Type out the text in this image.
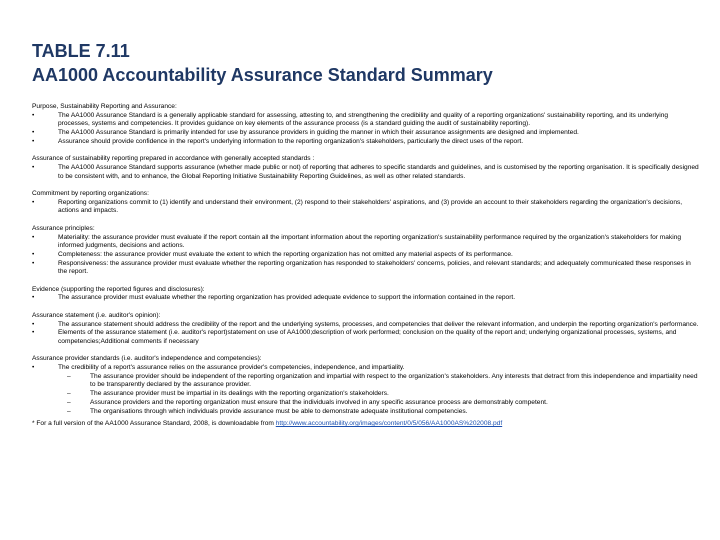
TABLE 7.11
AA1000 Accountability Assurance Standard Summary
Purpose, Sustainability Reporting and Assurance:
• The AA1000 Assurance Standard is a generally applicable standard for assessing, attesting to, and strengthening the credibility and quality of a reporting organizations' sustainability reporting, and its underlying processes, systems and competencies. It provides guidance on key elements of the assurance process (is a standard guiding the audit of sustainability reporting).
• The AA1000 Assurance Standard is primarily intended for use by assurance providers in guiding the manner in which their assurance assignments are designed and implemented.
• Assurance should provide confidence in the report's underlying information to the reporting organization's stakeholders, particularly the direct uses of the report.
Assurance of sustainability reporting prepared in accordance with generally accepted standards :
• The AA1000 Assurance Standard supports assurance (whether made public or not) of reporting that adheres to specific standards and guidelines, and is customised by the reporting organisation. It is specifically designed to be consistent with, and to enhance, the Global Reporting Initiative Sustainability Reporting Guidelines, as well as other related standards.
Commitment by reporting organizations:
• Reporting organizations commit to (1) identify and understand their environment, (2) respond to their stakeholders' aspirations, and (3) provide an account to their stakeholders regarding the organization's decisions, actions and impacts.
Assurance principles:
• Materiality: the assurance provider must evaluate if the report contain all the important information about the reporting organization's sustainability performance required by the organization's stakeholders for making informed judgments, decisions and actions.
• Completeness: the assurance provider must evaluate the extent to which the reporting organization has not omitted any material aspects of its performance.
• Responsiveness: the assurance provider must evaluate whether the reporting organization has responded to stakeholders' concerns, policies, and relevant standards; and adequately communicated these responses in the report.
Evidence (supporting the reported figures and disclosures):
• The assurance provider must evaluate whether the reporting organization has provided adequate evidence to support the information contained in the report.
Assurance statement (i.e. auditor's opinion):
• The assurance statement should address the credibility of the report and the underlying systems, processes, and competencies that deliver the relevant information, and underpin the reporting organization's performance.
• Elements of the assurance statement (i.e. auditor's report)statement on use of AA1000;description of work performed; conclusion on the quality of the report and; underlying organizational processes, systems, and competencies;Additional comments if necessary
Assurance provider standards (i.e. auditor's independence and competencies):
• The credibility of a report's assurance relies on the assurance provider's competencies, independence, and impartiality.
– The assurance provider should be independent of the reporting organization and impartial with respect to the organization's stakeholders. Any interests that detract from this independence and impartiality need to be transparently declared by the assurance provider.
– The assurance provider must be impartial in its dealings with the reporting organization's stakeholders.
– Assurance providers and the reporting organization must ensure that the individuals involved in any specific assurance process are demonstrably competent.
– The organisations through which individuals provide assurance must be able to demonstrate adequate institutional competencies.
* For a full version of the AA1000 Assurance Standard, 2008, is downloadable from http://www.accountability.org/images/content/0/5/056/AA1000AS%202008.pdf
